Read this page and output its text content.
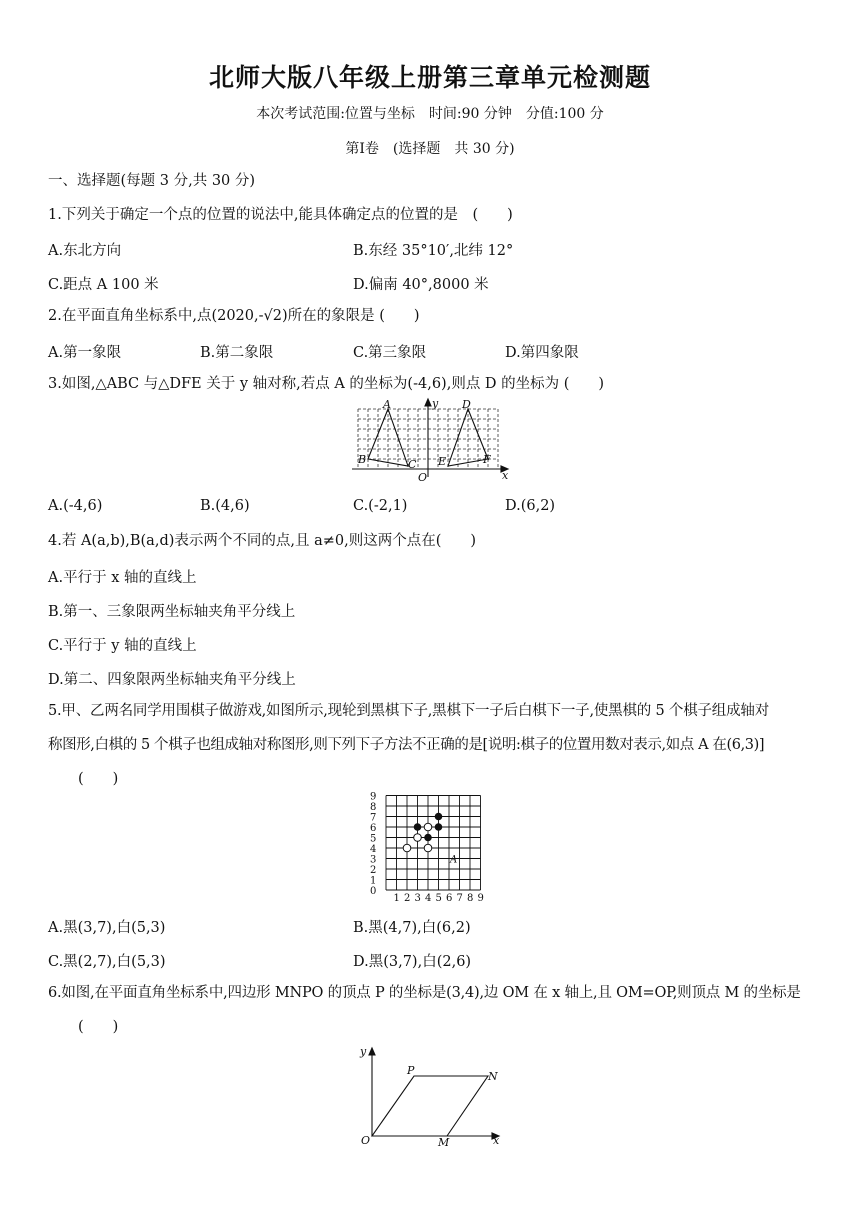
北师大版八年级上册第三章单元检测题
本次考试范围:位置与坐标　时间:90 分钟　分值:100 分
第Ⅰ卷　(选择题　共 30 分)
一、选择题(每题 3 分,共 30 分)
1.下列关于确定一个点的位置的说法中,能具体确定点的位置的是　(　　)
A.东北方向	B.东经 35°10′,北纬 12°
C.距点 A 100 米	D.偏南 40°,8000 米
2.在平面直角坐标系中,点(2020,-√2)所在的象限是 (　　)
A.第一象限	B.第二象限	C.第三象限	D.第四象限
3.如图,△ABC 与△DFE 关于 y 轴对称,若点 A 的坐标为(-4,6),则点 D 的坐标为 (　　)
A
B	C
D
E	F
O	x
y
A.(-4,6)	B.(4,6)	C.(-2,1)	D.(6,2)
4.若 A(a,b),B(a,d)表示两个不同的点,且 a≠0,则这两个点在(　　)
A.平行于 x 轴的直线上
B.第一、三象限两坐标轴夹角平分线上
C.平行于 y 轴的直线上
D.第二、四象限两坐标轴夹角平分线上
5.甲、乙两名同学用围棋子做游戏,如图所示,现轮到黑棋下子,黑棋下一子后白棋下一子,使黑棋的 5 个棋子组成轴对
称图形,白棋的 5 个棋子也组成轴对称图形,则下列下子方法不正确的是[说明:棋子的位置用数对表示,如点 A 在(6,3)]
(　　)
9
8
7
6
5
4
3
2
1
0
1 2 3 4 5 6 7 8 9
A
A.黑(3,7),白(5,3)	B.黑(4,7),白(6,2)
C.黑(2,7),白(5,3)	D.黑(3,7),白(2,6)
6.如图,在平面直角坐标系中,四边形 MNPO 的顶点 P 的坐标是(3,4),边 OM 在 x 轴上,且 OM=OP,则顶点 M 的坐标是
(　　)
y
x
O
P	N
M
